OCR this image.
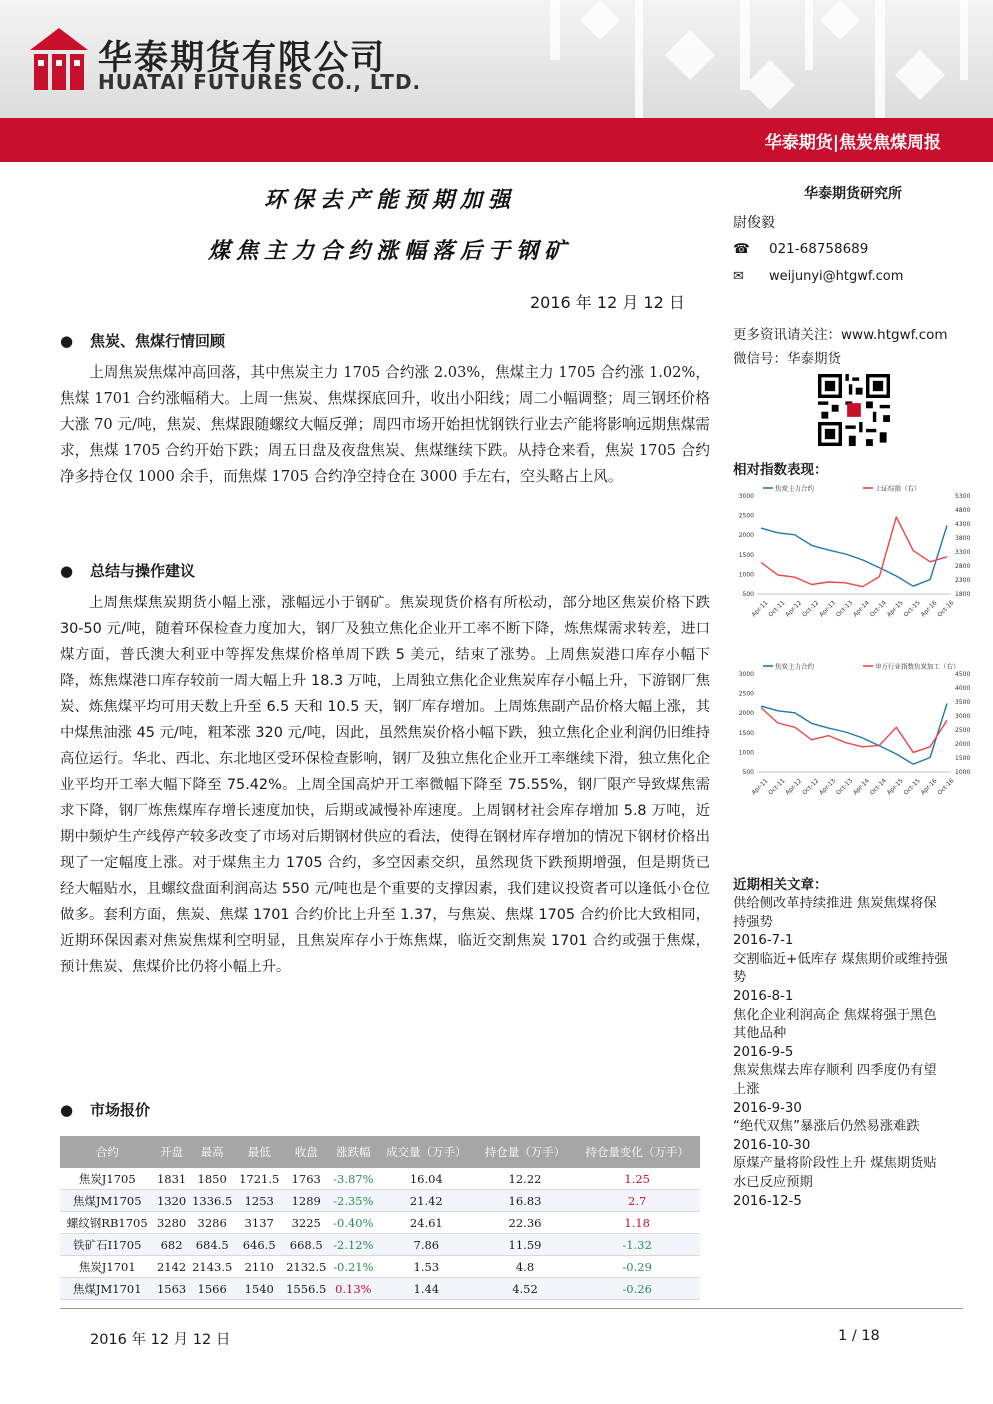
华泰期货有限公司
HUATAI FUTURES CO., LTD.
华泰期货|焦炭焦煤周报
环保去产能预期加强
煤焦主力合约涨幅落后于钢矿
2016 年 12 月 12 日
● 焦炭、焦煤行情回顾
上周焦炭焦煤冲高回落，其中焦炭主力 1705 合约涨 2.03%，焦煤主力 1705 合约涨 1.02%，焦煤 1701 合约涨幅稍大。上周一焦炭、焦煤探底回升，收出小阳线；周二小幅调整；周三钢坯价格大涨 70 元/吨，焦炭、焦煤跟随螺纹大幅反弹；周四市场开始担忧钢铁行业去产能将影响远期焦煤需求，焦煤 1705 合约开始下跌；周五日盘及夜盘焦炭、焦煤继续下跌。从持仓来看，焦炭 1705 合约净多持仓仅 1000 余手，而焦煤 1705 合约净空持仓在 3000 手左右，空头略占上风。
● 总结与操作建议
上周焦煤焦炭期货小幅上涨，涨幅远小于钢矿。焦炭现货价格有所松动，部分地区焦炭价格下跌 30-50 元/吨，随着环保检查力度加大，钢厂及独立焦化企业开工率不断下降，炼焦煤需求转差，进口煤方面，普氏澳大利亚中等挥发焦煤价格单周下跌 5 美元，结束了涨势。上周焦炭港口库存小幅下降，炼焦煤港口库存较前一周大幅上升 18.3 万吨，上周独立焦化企业焦炭库存小幅上升，下游钢厂焦炭、炼焦煤平均可用天数上升至 6.5 天和 10.5 天，钢厂库存增加。上周炼焦副产品价格大幅上涨，其中煤焦油涨 45 元/吨，粗苯涨 320 元/吨，因此，虽然焦炭价格小幅下跌，独立焦化企业利润仍旧维持高位运行。华北、西北、东北地区受环保检查影响，钢厂及独立焦化企业开工率继续下滑，独立焦化企业平均开工率大幅下降至 75.42%。上周全国高炉开工率微幅下降至 75.55%，钢厂限产导致煤焦需求下降，钢厂炼焦煤库存增长速度加快，后期或减慢补库速度。上周钢材社会库存增加 5.8 万吨，近期中频炉生产线停产较多改变了市场对后期钢材供应的看法，使得在钢材库存增加的情况下钢材价格出现了一定幅度上涨。对于煤焦主力 1705 合约，多空因素交织，虽然现货下跌预期增强，但是期货已经大幅贴水，且螺纹盘面利润高达 550 元/吨也是个重要的支撑因素，我们建议投资者可以逢低小仓位做多。套利方面，焦炭、焦煤 1701 合约价比上升至 1.37，与焦炭、焦煤 1705 合约价比大致相同，近期环保因素对焦炭焦煤利空明显，且焦炭库存小于炼焦煤，临近交割焦炭 1701 合约或强于焦煤，预计焦炭、焦煤价比仍将小幅上升。
● 市场报价
合约	开盘	最高	最低	收盘	涨跌幅	成交量（万手）	持仓量（万手）	持仓量变化（万手）
焦炭J1705	1831	1850	1721.5	1763	-3.87%	16.04	12.22	1.25
焦煤JM1705	1320	1336.5	1253	1289	-2.35%	21.42	16.83	2.7
螺纹钢RB1705	3280	3286	3137	3225	-0.40%	24.61	22.36	1.18
铁矿石I1705	682	684.5	646.5	668.5	-2.12%	7.86	11.59	-1.32
焦炭J1701	2142	2143.5	2110	2132.5	-0.21%	1.53	4.8	-0.29
焦煤JM1701	1563	1566	1540	1556.5	0.13%	1.44	4.52	-0.26
华泰期货研究所
尉俊毅
☎ 021-68758689
✉ weijunyi@htgwf.com
更多资讯请关注：www.htgwf.com
微信号：华泰期货
相对指数表现：
500
1000
1500
2000
2500
3000
1800
2300
2800
3300
3800
4300
4800
5300
Apr-11
Oct-11
Apr-12
Oct-12
Apr-13
Oct-13
Apr-14
Oct-14
Apr-15
Oct-15
Apr-16
Oct-16
焦炭主力合约	上证综指（右）
500
1000
1500
2000
2500
3000
1000
1500
2000
2500
3000
3500
4000
4500
Apr-11
Oct-11
Apr-12
Oct-12
Apr-13
Oct-13
Apr-14
Oct-14
Apr-15
Oct-15
Apr-16
Oct-16
焦炭主力合约	申万行业指数焦炭加工（右）
近期相关文章：
供给侧改革持续推进 焦炭焦煤将保持强势
2016-7-1
交割临近+低库存 煤焦期价或维持强势
2016-8-1
焦化企业利润高企 焦煤将强于黑色其他品种
2016-9-5
焦炭焦煤去库存顺利 四季度仍有望上涨
2016-9-30
“绝代双焦”暴涨后仍然易涨难跌
2016-10-30
原煤产量将阶段性上升 煤焦期货贴水已反应预期
2016-12-5
2016 年 12 月 12 日	1 / 18
